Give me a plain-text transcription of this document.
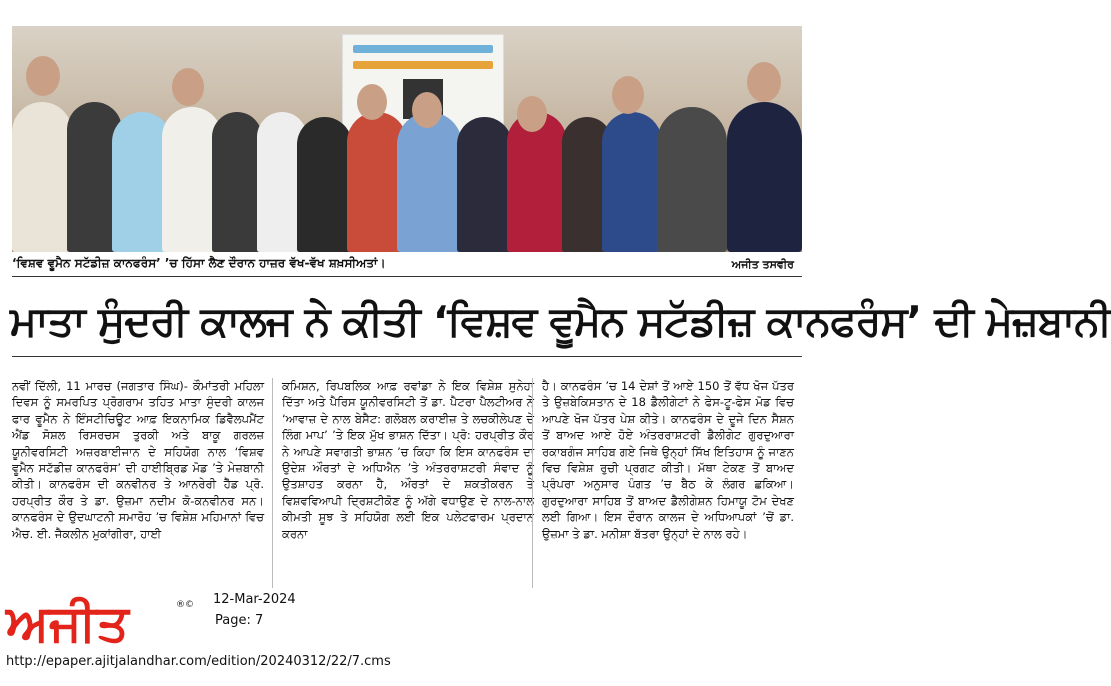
‘ਵਿਸ਼ਵ ਵੂਮੈਨ ਸਟੱਡੀਜ਼ ਕਾਨਫਰੰਸ’ ’ਚ ਹਿੱਸਾ ਲੈਣ ਦੌਰਾਨ ਹਾਜ਼ਰ ਵੱਖ-ਵੱਖ ਸ਼ਖ਼ਸੀਅਤਾਂ।	ਅਜੀਤ ਤਸਵੀਰ
ਮਾਤਾ ਸੁੰਦਰੀ ਕਾਲਜ ਨੇ ਕੀਤੀ ‘ਵਿਸ਼ਵ ਵੂਮੈਨ ਸਟੱਡੀਜ਼ ਕਾਨਫਰੰਸ’ ਦੀ ਮੇਜ਼ਬਾਨੀ
ਨਵੀਂ ਦਿੱਲੀ, 11 ਮਾਰਚ (ਜਗਤਾਰ ਸਿੰਘ)- ਕੌਮਾਂਤਰੀ ਮਹਿਲਾ ਦਿਵਸ ਨੂੰ ਸਮਰਪਿਤ ਪ੍ਰੋਗਰਾਮ ਤਹਿਤ ਮਾਤਾ ਸੁੰਦਰੀ ਕਾਲਜ ਫਾਰ ਵੂਮੈਨ ਨੇ ਇੰਸਟੀਚਿਊਟ ਆਫ਼ ਇਕਨਾਮਿਕ ਡਿਵੈਲਪਮੈਂਟ ਐਂਡ ਸੋਸ਼ਲ ਰਿਸਰਚਸ ਤੁਰਕੀ ਅਤੇ ਬਾਕੂ ਗਰਲਜ਼ ਯੂਨੀਵਰਸਿਟੀ ਅਜ਼ਰਬਾਈਜਾਨ ਦੇ ਸਹਿਯੋਗ ਨਾਲ ‘ਵਿਸ਼ਵ ਵੂਮੈਨ ਸਟੱਡੀਜ਼ ਕਾਨਫਰੰਸ’ ਦੀ ਹਾਈਬ੍ਰਿਡ ਮੋਡ ’ਤੇ ਮੇਜ਼ਬਾਨੀ ਕੀਤੀ। ਕਾਨਫਰੰਸ ਦੀ ਕਨਵੀਨਰ ਤੇ ਆਨਰੇਰੀ ਹੈੱਡ ਪ੍ਰੋ. ਹਰਪ੍ਰੀਤ ਕੌਰ ਤੇ ਡਾ. ਉਜ਼ਮਾ ਨਦੀਮ ਕੋ-ਕਨਵੀਨਰ ਸਨ। ਕਾਨਫਰੰਸ ਦੇ ਉਦਘਾਟਨੀ ਸਮਾਰੋਹ ’ਚ ਵਿਸ਼ੇਸ਼ ਮਹਿਮਾਨਾਂ ਵਿਚ ਐਚ. ਈ. ਜੈਕਲੀਨ ਮੁਕਾਂਗੀਰਾ, ਹਾਈ
ਕਮਿਸ਼ਨ, ਰਿਪਬਲਿਕ ਆਫ਼ ਰਵਾਂਡਾ ਨੇ ਇਕ ਵਿਸ਼ੇਸ਼ ਸੁਨੇਹਾ ਦਿੱਤਾ ਅਤੇ ਪੈਰਿਸ ਯੂਨੀਵਰਸਿਟੀ ਤੋਂ ਡਾ. ਪੈਟਰਾ ਪੈਲਟੀਅਰ ਨੇ ‘ਆਵਾਜ਼ ਦੇ ਨਾਲ ਬੇਸੈਟ: ਗਲੋਬਲ ਕਰਾਈਜ਼ ਤੇ ਲਚਕੀਲੇਪਣ ਦੇ ਲਿੰਗ ਮਾਪ’ ’ਤੇ ਇਕ ਮੁੱਖ ਭਾਸ਼ਨ ਦਿੱਤਾ। ਪ੍ਰੋ: ਹਰਪ੍ਰੀਤ ਕੌਰ ਨੇ ਆਪਣੇ ਸਵਾਗਤੀ ਭਾਸ਼ਨ ’ਚ ਕਿਹਾ ਕਿ ਇਸ ਕਾਨਫਰੰਸ ਦਾ ਉਦੇਸ਼ ਔਰਤਾਂ ਦੇ ਅਧਿਐਨ ’ਤੇ ਅੰਤਰਰਾਸ਼ਟਰੀ ਸੰਵਾਦ ਨੂੰ ਉਤਸ਼ਾਹਤ ਕਰਨਾ ਹੈ, ਔਰਤਾਂ ਦੇ ਸ਼ਕਤੀਕਰਨ ਤੇ ਵਿਸ਼ਵਵਿਆਪੀ ਦ੍ਰਿਸ਼ਟੀਕੋਣ ਨੂੰ ਅੱਗੇ ਵਧਾਉਣ ਦੇ ਨਾਲ-ਨਾਲ ਕੀਮਤੀ ਸੂਝ ਤੇ ਸਹਿਯੋਗ ਲਈ ਇਕ ਪਲੇਟਫਾਰਮ ਪ੍ਰਦਾਨ ਕਰਨਾ
ਹੈ। ਕਾਨਫਰੰਸ ’ਚ 14 ਦੇਸ਼ਾਂ ਤੋਂ ਆਏ 150 ਤੋਂ ਵੱਧ ਖੋਜ ਪੱਤਰ ਤੇ ਉਜ਼ਬੇਕਿਸਤਾਨ ਦੇ 18 ਡੈਲੀਗੇਟਾਂ ਨੇ ਫੇਸ-ਟੂ-ਫੇਸ ਮੋਡ ਵਿਚ ਆਪਣੇ ਖੋਜ ਪੱਤਰ ਪੇਸ਼ ਕੀਤੇ। ਕਾਨਫਰੰਸ ਦੇ ਦੂਜੇ ਦਿਨ ਸੈਸ਼ਨ ਤੋਂ ਬਾਅਦ ਆਏ ਹੋਏ ਅੰਤਰਰਾਸ਼ਟਰੀ ਡੈਲੀਗੇਟ ਗੁਰਦੁਆਰਾ ਰਕਾਬਗੰਜ ਸਾਹਿਬ ਗਏ ਜਿਥੇ ਉਨ੍ਹਾਂ ਸਿੱਖ ਇਤਿਹਾਸ ਨੂੰ ਜਾਣਨ ਵਿਚ ਵਿਸ਼ੇਸ਼ ਰੁਚੀ ਪ੍ਰਗਟ ਕੀਤੀ। ਮੱਥਾ ਟੇਕਣ ਤੋਂ ਬਾਅਦ ਪ੍ਰੰਪਰਾ ਅਨੁਸਾਰ ਪੰਗਤ ’ਚ ਬੈਠ ਕੇ ਲੰਗਰ ਛਕਿਆ। ਗੁਰਦੁਆਰਾ ਸਾਹਿਬ ਤੋਂ ਬਾਅਦ ਡੈਲੀਗੇਸ਼ਨ ਹਿਮਾਯੂ ਟੋਮ ਦੇਖਣ ਲਈ ਗਿਆ। ਇਸ ਦੌਰਾਨ ਕਾਲਜ ਦੇ ਅਧਿਆਪਕਾਂ ’ਚੋਂ ਡਾ. ਉਜ਼ਮਾ ਤੇ ਡਾ. ਮਨੀਸ਼ਾ ਬੱਤਰਾ ਉਨ੍ਹਾਂ ਦੇ ਨਾਲ ਰਹੇ।
ਅਜੀਤ	®© 12-Mar-2024
Page: 7
http://epaper.ajitjalandhar.com/edition/20240312/22/7.cms
